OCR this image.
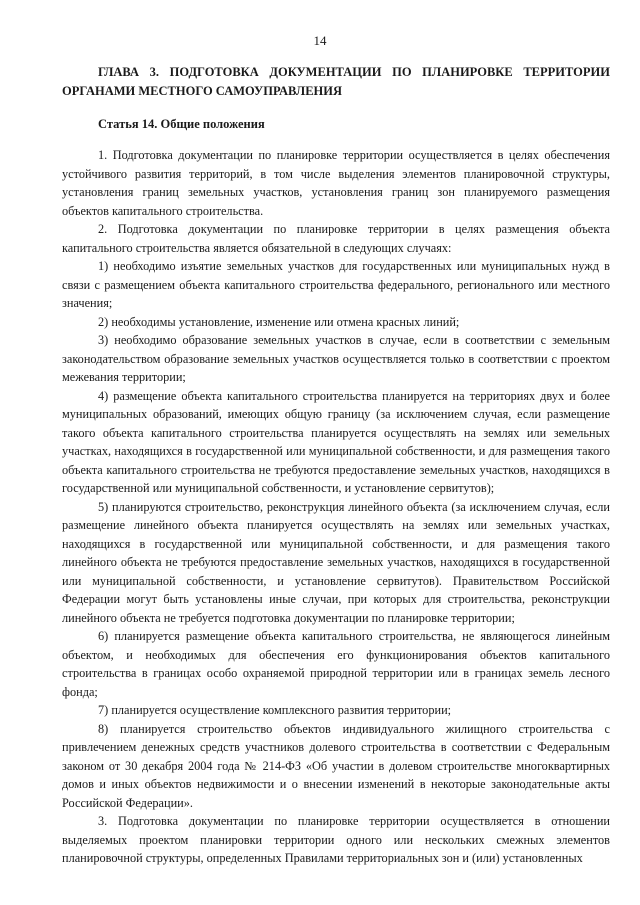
14

ГЛАВА 3. ПОДГОТОВКА ДОКУМЕНТАЦИИ ПО ПЛАНИРОВКЕ ТЕРРИТОРИИ ОРГАНАМИ МЕСТНОГО САМОУПРАВЛЕНИЯ

Статья 14. Общие положения

1. Подготовка документации по планировке территории осуществляется в целях обеспечения устойчивого развития территорий, в том числе выделения элементов планировочной структуры, установления границ земельных участков, установления границ зон планируемого размещения объектов капитального строительства.

2. Подготовка документации по планировке территории в целях размещения объекта капитального строительства является обязательной в следующих случаях:

1) необходимо изъятие земельных участков для государственных или муниципальных нужд в связи с размещением объекта капитального строительства федерального, регионального или местного значения;

2) необходимы установление, изменение или отмена красных линий;

3) необходимо образование земельных участков в случае, если в соответствии с земельным законодательством образование земельных участков осуществляется только в соответствии с проектом межевания территории;

4) размещение объекта капитального строительства планируется на территориях двух и более муниципальных образований, имеющих общую границу (за исключением случая, если размещение такого объекта капитального строительства планируется осуществлять на землях или земельных участках, находящихся в государственной или муниципальной собственности, и для размещения такого объекта капитального строительства не требуются предоставление земельных участков, находящихся в государственной или муниципальной собственности, и установление сервитутов);

5) планируются строительство, реконструкция линейного объекта (за исключением случая, если размещение линейного объекта планируется осуществлять на землях или земельных участках, находящихся в государственной или муниципальной собственности, и для размещения такого линейного объекта не требуются предоставление земельных участков, находящихся в государственной или муниципальной собственности, и установление сервитутов). Правительством Российской Федерации могут быть установлены иные случаи, при которых для строительства, реконструкции линейного объекта не требуется подготовка документации по планировке территории;

6) планируется размещение объекта капитального строительства, не являющегося линейным объектом, и необходимых для обеспечения его функционирования объектов капитального строительства в границах особо охраняемой природной территории или в границах земель лесного фонда;

7) планируется осуществление комплексного развития территории;

8) планируется строительство объектов индивидуального жилищного строительства с привлечением денежных средств участников долевого строительства в соответствии с Федеральным законом от 30 декабря 2004 года № 214-ФЗ «Об участии в долевом строительстве многоквартирных домов и иных объектов недвижимости и о внесении изменений в некоторые законодательные акты Российской Федерации».

3. Подготовка документации по планировке территории осуществляется в отношении выделяемых проектом планировки территории одного или нескольких смежных элементов планировочной структуры, определенных Правилами территориальных зон и (или) установленных
